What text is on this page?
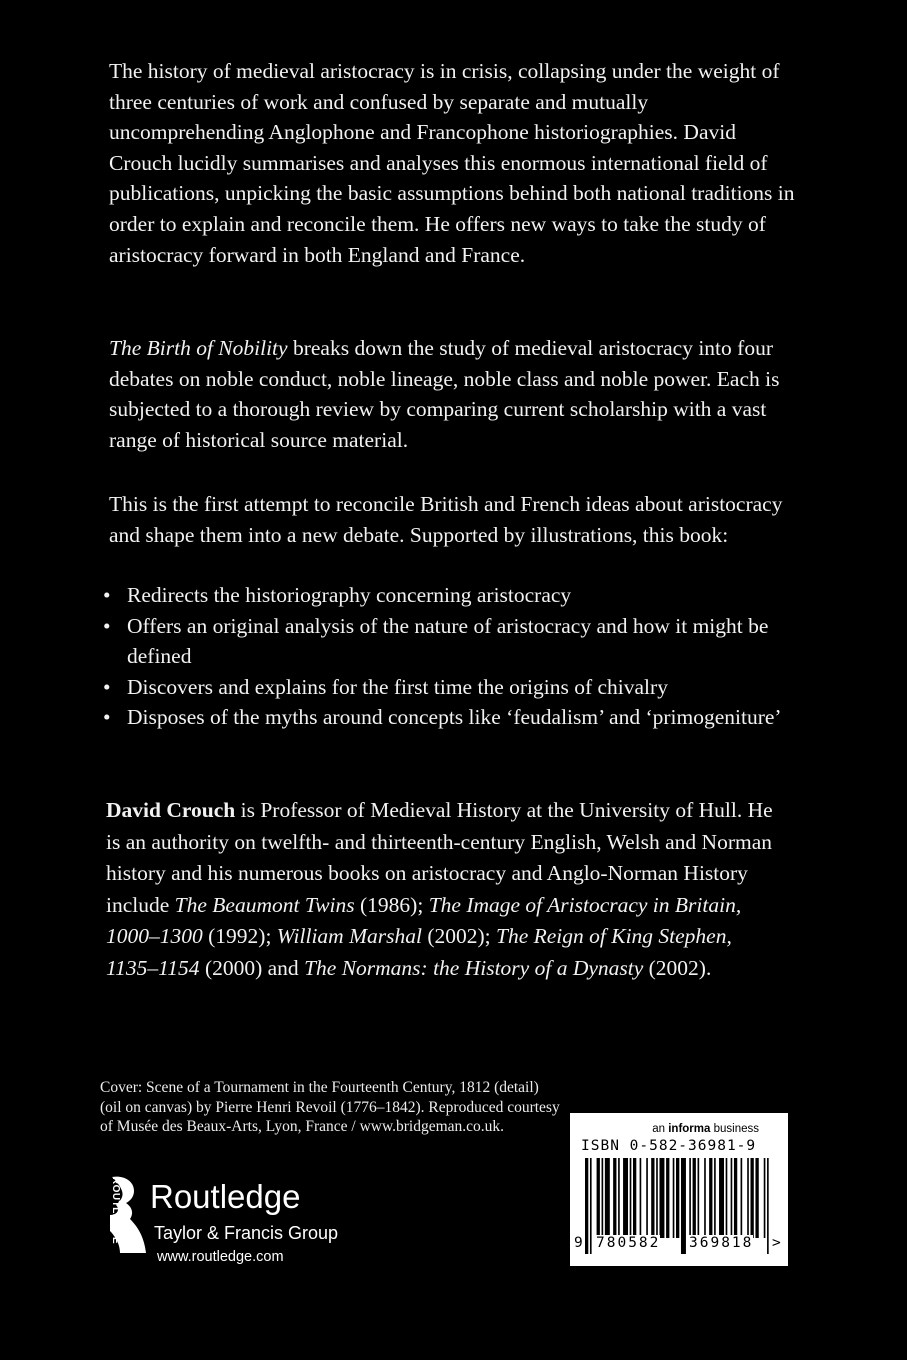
The history of medieval aristocracy is in crisis, collapsing under the weight of three centuries of work and confused by separate and mutually uncomprehending Anglophone and Francophone historiographies. David Crouch lucidly summarises and analyses this enormous international field of publications, unpicking the basic assumptions behind both national traditions in order to explain and reconcile them. He offers new ways to take the study of aristocracy forward in both England and France.

The Birth of Nobility breaks down the study of medieval aristocracy into four debates on noble conduct, noble lineage, noble class and noble power. Each is subjected to a thorough review by comparing current scholarship with a vast range of historical source material.

This is the first attempt to reconcile British and French ideas about aristocracy and shape them into a new debate. Supported by illustrations, this book:

• Redirects the historiography concerning aristocracy
• Offers an original analysis of the nature of aristocracy and how it might be defined
• Discovers and explains for the first time the origins of chivalry
• Disposes of the myths around concepts like ‘feudalism’ and ‘primogeniture’

David Crouch is Professor of Medieval History at the University of Hull. He is an authority on twelfth- and thirteenth-century English, Welsh and Norman history and his numerous books on aristocracy and Anglo-Norman History include The Beaumont Twins (1986); The Image of Aristocracy in Britain, 1000–1300 (1992); William Marshal (2002); The Reign of King Stephen, 1135–1154 (2000) and The Normans: the History of a Dynasty (2002).

Cover: Scene of a Tournament in the Fourteenth Century, 1812 (detail) (oil on canvas) by Pierre Henri Revoil (1776–1842). Reproduced courtesy of Musée des Beaux-Arts, Lyon, France / www.bridgeman.co.uk.
ROUTLEDGE Routledge
Taylor & Francis Group
www.routledge.com
an informa business
ISBN 0-582-36981-9
9 780582 369818 >
